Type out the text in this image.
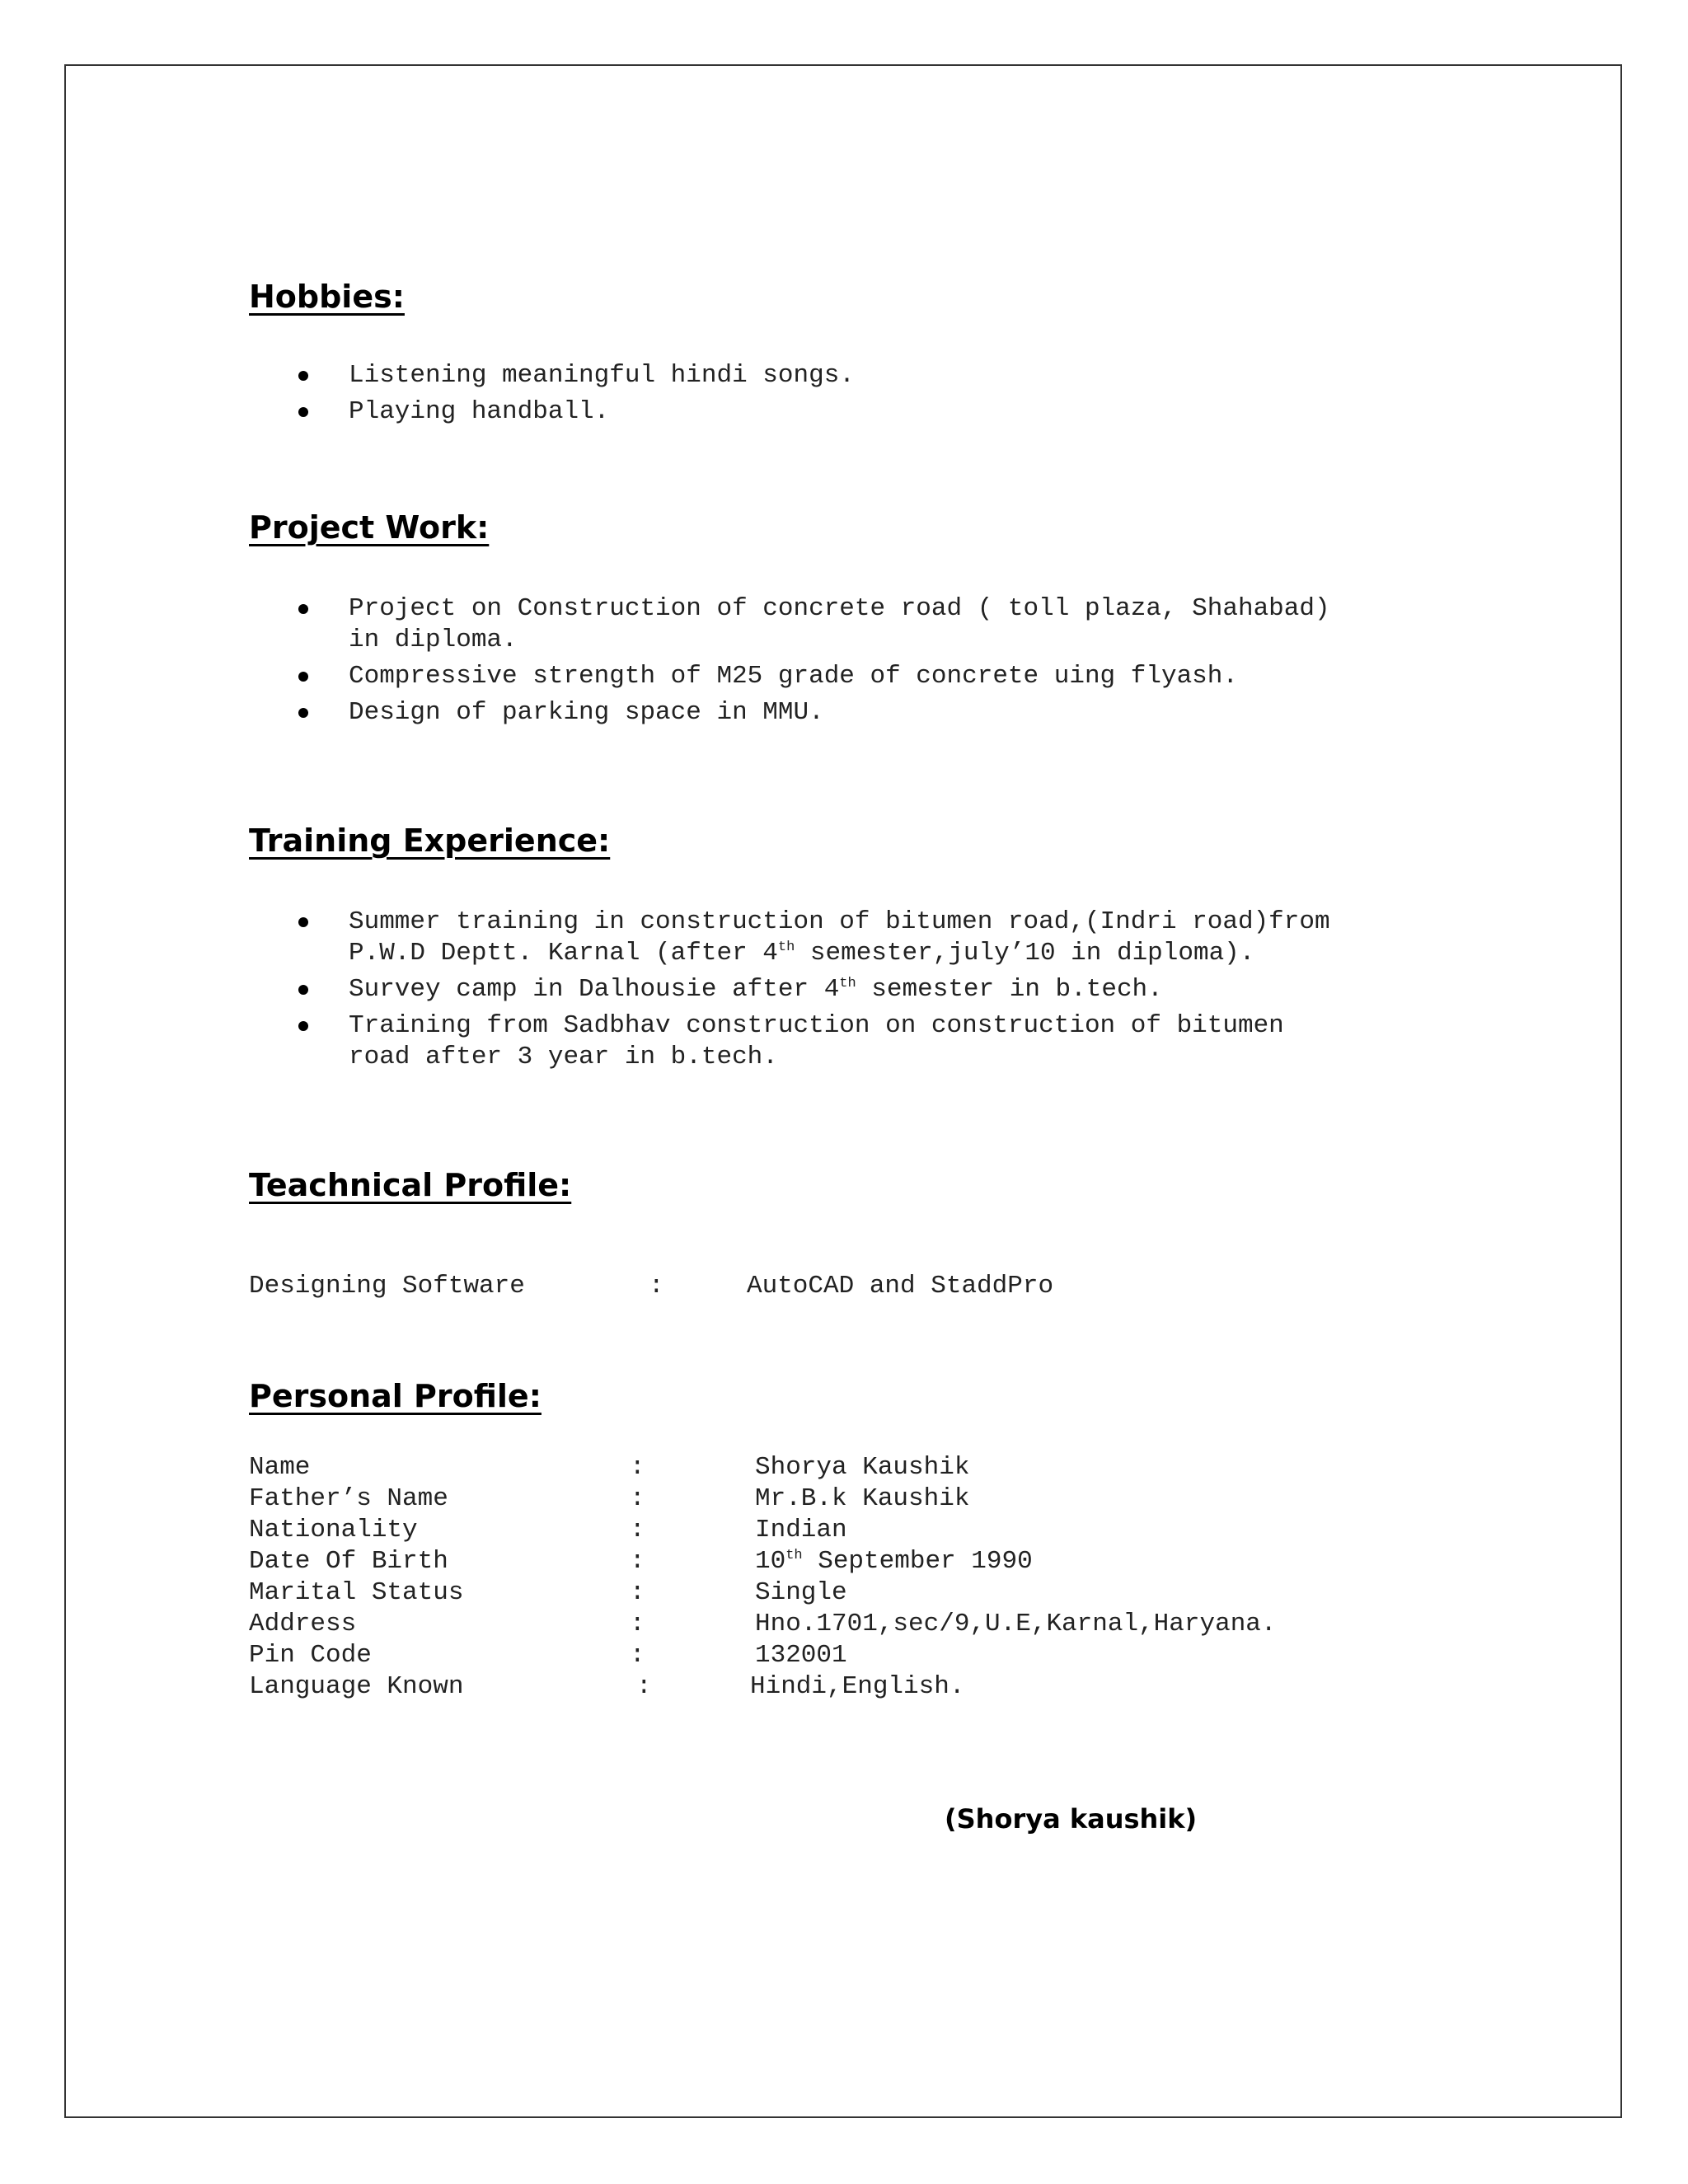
Hobbies:
Listening meaningful hindi songs.
Playing handball.
Project Work:
Project on Construction of concrete road ( toll plaza, Shahabad)
in diploma.
Compressive strength of M25 grade of concrete uing flyash.
Design of parking space in MMU.
Training Experience:
Summer training in construction of bitumen road,(Indri road)from
P.W.D Deptt. Karnal (after 4th semester,july’10 in diploma).
Survey camp in Dalhousie after 4th semester in b.tech.
Training from Sadbhav construction on construction of bitumen
road after 3 year in b.tech.
Teachnical Profile:
Designing Software	:	AutoCAD and StaddPro
Personal Profile:
Name	:	Shorya Kaushik
Father’s Name	:	Mr.B.k Kaushik
Nationality	:	Indian
Date Of Birth	:	10th September 1990
Marital Status	:	Single
Address	:	Hno.1701,sec/9,U.E,Karnal,Haryana.
Pin Code	:	132001
Language Known	:	Hindi,English.
(Shorya kaushik)
